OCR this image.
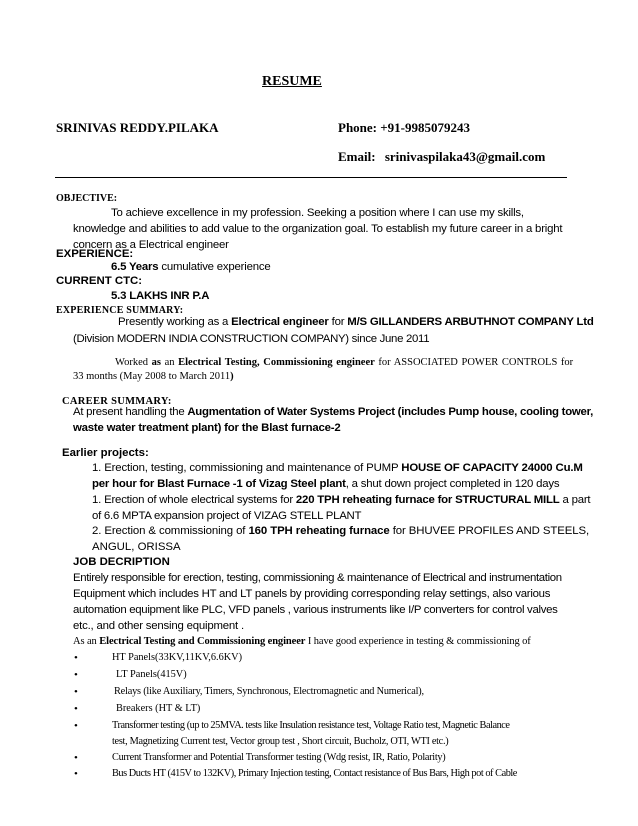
RESUME
SRINIVAS REDDY.PILAKA	Phone: +91-9985079243
Email: srinivaspilaka43@gmail.com
OBJECTIVE:
To achieve excellence in my profession. Seeking a position where I can use my skills, knowledge and abilities to add value to the organization goal. To establish my future career in a bright concern as a Electrical engineer
EXPERIENCE:
6.5 Years cumulative experience
CURRENT CTC:
5.3 LAKHS INR P.A
EXPERIENCE SUMMARY:
Presently working as a Electrical engineer for M/S GILLANDERS ARBUTHNOT COMPANY Ltd
(Division MODERN INDIA CONSTRUCTION COMPANY) since June 2011
Worked as an Electrical Testing, Commissioning engineer for ASSOCIATED POWER CONTROLS for
33 months (May 2008 to March 2011)
CAREER SUMMARY:
At present handling the Augmentation of Water Systems Project (includes Pump house, cooling tower,
waste water treatment plant) for the Blast furnace-2
Earlier projects:
1. Erection, testing, commissioning and maintenance of PUMP HOUSE OF CAPACITY 24000 Cu.M
per hour for Blast Furnace -1 of Vizag Steel plant, a shut down project completed in 120 days
1. Erection of whole electrical systems for 220 TPH reheating furnace for STRUCTURAL MILL a part
of 6.6 MPTA expansion project of VIZAG STELL PLANT
2. Erection & commissioning of 160 TPH reheating furnace for BHUVEE PROFILES AND STEELS,
ANGUL, ORISSA
JOB DECRIPTION
Entirely responsible for erection, testing, commissioning & maintenance of Electrical and instrumentation
Equipment which includes HT and LT panels by providing corresponding relay settings, also various
automation equipment like PLC, VFD panels , various instruments like I/P converters for control valves
etc., and other sensing equipment .
As an Electrical Testing and Commissioning engineer I have good experience in testing & commissioning of
•	HT Panels(33KV,11KV,6.6KV)
•	LT Panels(415V)
•	Relays (like Auxiliary, Timers, Synchronous, Electromagnetic and Numerical),
•	Breakers (HT & LT)
•	Transformer testing (up to 25MVA. tests like Insulation resistance test, Voltage Ratio test, Magnetic Balance
test, Magnetizing Current test, Vector group test , Short circuit, Bucholz, OTI, WTI etc.)
•	Current Transformer and Potential Transformer testing (Wdg resist, IR, Ratio, Polarity)
•	Bus Ducts HT (415V to 132KV), Primary Injection testing, Contact resistance of Bus Bars, High pot of Cable
